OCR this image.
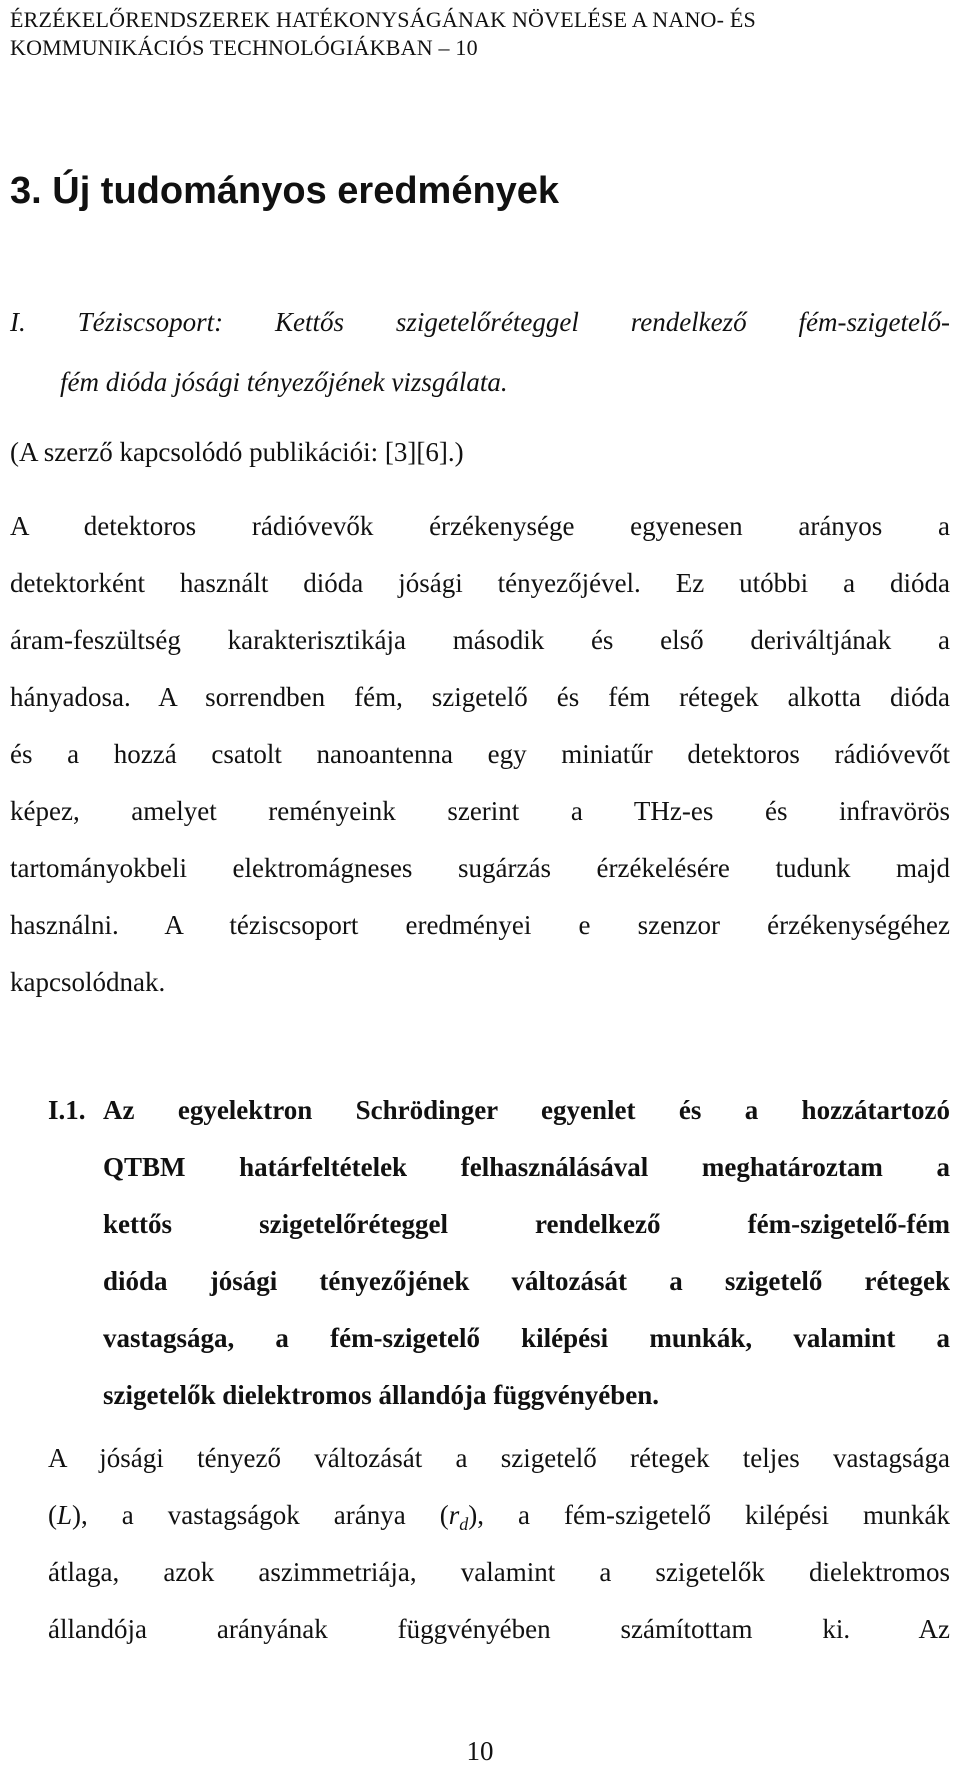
ÉRZÉKELŐRENDSZEREK HATÉKONYSÁGÁNAK NÖVELÉSE A NANO- ÉS
KOMMUNIKÁCIÓS TECHNOLÓGIÁKBAN – 10
3. Új tudományos eredmények
I. Téziscsoport: Kettős szigetelőréteggel rendelkező fém-szigetelő-
fém dióda jósági tényezőjének vizsgálata.
(A szerző kapcsolódó publikációi: [3][6].)
A detektoros rádióvevők érzékenysége egyenesen arányos a
detektorként használt dióda jósági tényezőjével. Ez utóbbi a dióda
áram-feszültség karakterisztikája második és első deriváltjának a
hányadosa. A sorrendben fém, szigetelő és fém rétegek alkotta dióda
és a hozzá csatolt nanoantenna egy miniatűr detektoros rádióvevőt
képez, amelyet reményeink szerint a THz-es és infravörös
tartományokbeli elektromágneses sugárzás érzékelésére tudunk majd
használni. A téziscsoport eredményei e szenzor érzékenységéhez
kapcsolódnak.
I.1. Az egyelektron Schrödinger egyenlet és a hozzátartozó
QTBM határfeltételek felhasználásával meghatároztam a
kettős szigetelőréteggel rendelkező fém-szigetelő-fém
dióda jósági tényezőjének változását a szigetelő rétegek
vastagsága, a fém-szigetelő kilépési munkák, valamint a
szigetelők dielektromos állandója függvényében.
A jósági tényező változását a szigetelő rétegek teljes vastagsága
(L), a vastagságok aránya $(r_d)$, a fém-szigetelő kilépési munkák
átlaga, azok aszimmetriája, valamint a szigetelők dielektromos
állandója arányának függvényében számítottam ki. Az
10
